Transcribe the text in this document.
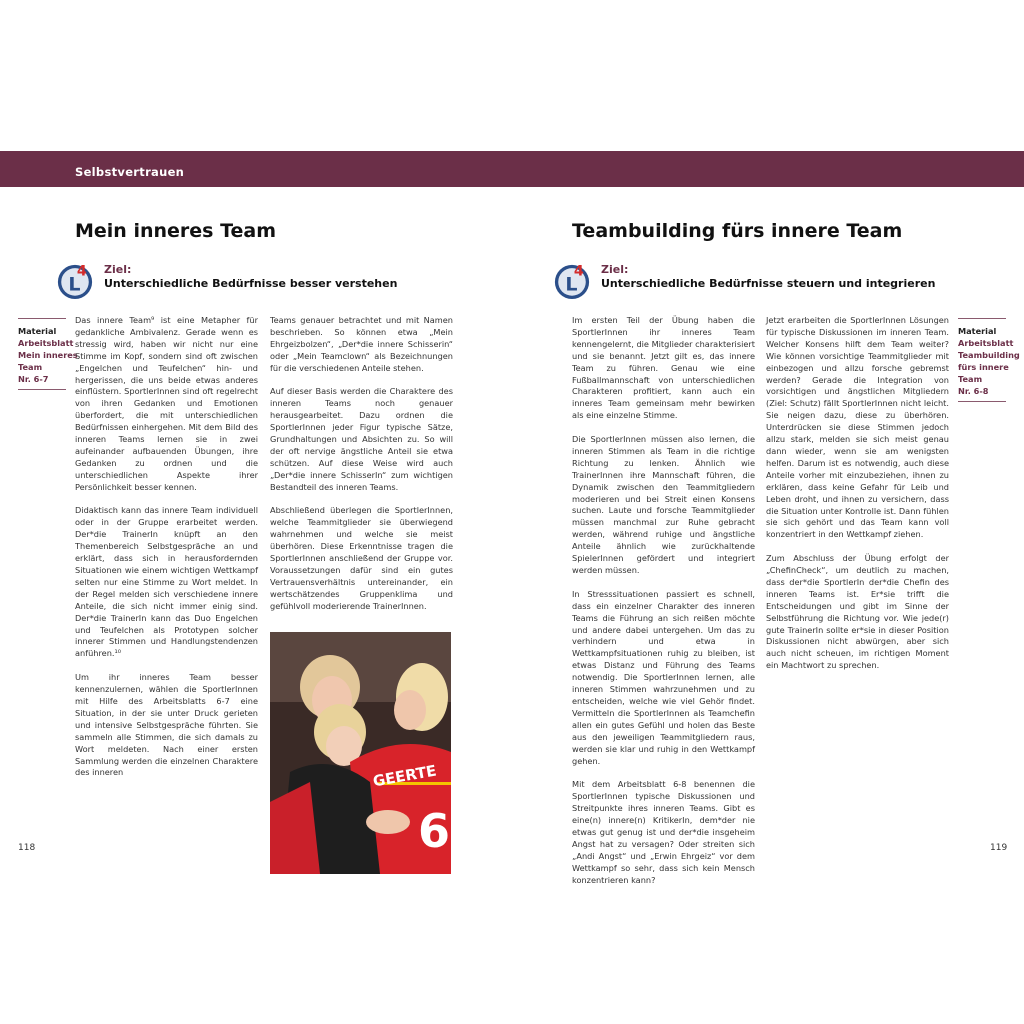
Selbstvertrauen
Mein inneres Team
L
4 Ziel:
Unterschiedliche Bedürfnisse besser verstehen
Material
Arbeitsblatt
Mein inneres
Team
Nr. 6-7

Das innere Team⁹ ist eine Metapher für gedankliche Ambivalenz. Gerade wenn es stressig wird, haben wir nicht nur eine Stimme im Kopf, sondern sind oft zwischen „Engelchen und Teufelchen“ hin- und hergerissen, die uns beide etwas anderes einflüstern. SportlerInnen sind oft regelrecht von ihren Gedanken und Emotionen überfordert, die mit unterschiedlichen Bedürfnissen einhergehen. Mit dem Bild des inneren Teams lernen sie in zwei aufeinander aufbauenden Übungen, ihre Gedanken zu ordnen und die unterschiedlichen Aspekte ihrer Persönlichkeit besser kennen.

Didaktisch kann das innere Team individuell oder in der Gruppe erarbeitet werden. Der*die TrainerIn knüpft an den Themenbereich Selbstgespräche an und erklärt, dass sich in herausfordernden Situationen wie einem wichtigen Wettkampf selten nur eine Stimme zu Wort meldet. In der Regel melden sich verschiedene innere Anteile, die sich nicht immer einig sind. Der*die TrainerIn kann das Duo Engelchen und Teufelchen als Prototypen solcher innerer Stimmen und Handlungstendenzen anführen.¹⁰

Um ihr inneres Team besser kennenzulernen, wählen die SportlerInnen mit Hilfe des Arbeitsblatts 6-7 eine Situation, in der sie unter Druck gerieten und intensive Selbstgespräche führten. Sie sammeln alle Stimmen, die sich damals zu Wort meldeten. Nach einer ersten Sammlung werden die einzelnen Charaktere des inneren

Teams genauer betrachtet und mit Namen beschrieben. So können etwa „Mein Ehrgeizbolzen“, „Der*die innere Schisserin“ oder „Mein Teamclown“ als Bezeichnungen für die verschiedenen Anteile stehen.

Auf dieser Basis werden die Charaktere des inneren Teams noch genauer herausgearbeitet. Dazu ordnen die SportlerInnen jeder Figur typische Sätze, Grundhaltungen und Absichten zu. So will der oft nervige ängstliche Anteil sie etwa schützen. Auf diese Weise wird auch „Der*die innere SchisserIn“ zum wichtigen Bestandteil des inneren Teams.

Abschließend überlegen die SportlerInnen, welche Teammitglieder sie überwiegend wahrnehmen und welche sie meist überhören. Diese Erkenntnisse tragen die SportlerInnen anschließend der Gruppe vor. Voraussetzungen dafür sind ein gutes Vertrauensverhältnis untereinander, ein wertschätzendes Gruppenklima und gefühlvoll moderierende TrainerInnen.

6
GEERTE
118
Teambuilding fürs innere Team
L
4 Ziel:
Unterschiedliche Bedürfnisse steuern und integrieren

Im ersten Teil der Übung haben die SportlerInnen ihr inneres Team kennengelernt, die Mitglieder charakterisiert und sie benannt. Jetzt gilt es, das innere Team zu führen. Genau wie eine Fußballmannschaft von unterschiedlichen Charakteren profitiert, kann auch ein inneres Team gemeinsam mehr bewirken als eine einzelne Stimme.

Die SportlerInnen müssen also lernen, die inneren Stimmen als Team in die richtige Richtung zu lenken. Ähnlich wie TrainerInnen ihre Mannschaft führen, die Dynamik zwischen den Teammitgliedern moderieren und bei Streit einen Konsens suchen. Laute und forsche Teammitglieder müssen manchmal zur Ruhe gebracht werden, während ruhige und ängstliche Anteile ähnlich wie zurückhaltende SpielerInnen gefördert und integriert werden müssen.

In Stresssituationen passiert es schnell, dass ein einzelner Charakter des inneren Teams die Führung an sich reißen möchte und andere dabei untergehen. Um das zu verhindern und etwa in Wettkampfsituationen ruhig zu bleiben, ist etwas Distanz und Führung des Teams notwendig. Die SportlerInnen lernen, alle inneren Stimmen wahrzunehmen und zu entscheiden, welche wie viel Gehör findet. Vermitteln die SportlerInnen als Teamchefin allen ein gutes Gefühl und holen das Beste aus den jeweiligen Teammitgliedern raus, werden sie klar und ruhig in den Wettkampf gehen.

Mit dem Arbeitsblatt 6-8 benennen die SportlerInnen typische Diskussionen und Streitpunkte ihres inneren Teams. Gibt es eine(n) innere(n) KritikerIn, dem*der nie etwas gut genug ist und der*die insgeheim Angst hat zu versagen? Oder streiten sich „Andi Angst“ und „Erwin Ehrgeiz“ vor dem Wettkampf so sehr, dass sich kein Mensch konzentrieren kann?

Jetzt erarbeiten die SportlerInnen Lösungen für typische Diskussionen im inneren Team. Welcher Konsens hilft dem Team weiter? Wie können vorsichtige Teammitglieder mit einbezogen und allzu forsche gebremst werden? Gerade die Integration von vorsichtigen und ängstlichen Mitgliedern (Ziel: Schutz) fällt SportlerInnen nicht leicht. Sie neigen dazu, diese zu überhören. Unterdrücken sie diese Stimmen jedoch allzu stark, melden sie sich meist genau dann wieder, wenn sie am wenigsten helfen. Darum ist es notwendig, auch diese Anteile vorher mit einzubeziehen, ihnen zu erklären, dass keine Gefahr für Leib und Leben droht, und ihnen zu versichern, dass die Situation unter Kontrolle ist. Dann fühlen sie sich gehört und das Team kann voll konzentriert in den Wettkampf ziehen.

Zum Abschluss der Übung erfolgt der „ChefinCheck“, um deutlich zu machen, dass der*die SportlerIn der*die Chefin des inneren Teams ist. Er*sie trifft die Entscheidungen und gibt im Sinne der Selbstführung die Richtung vor. Wie jede(r) gute TrainerIn sollte er*sie in dieser Position Diskussionen nicht abwürgen, aber sich auch nicht scheuen, im richtigen Moment ein Machtwort zu sprechen.

Material
Arbeitsblatt
Teambuilding
fürs innere
Team
Nr. 6-8
119
